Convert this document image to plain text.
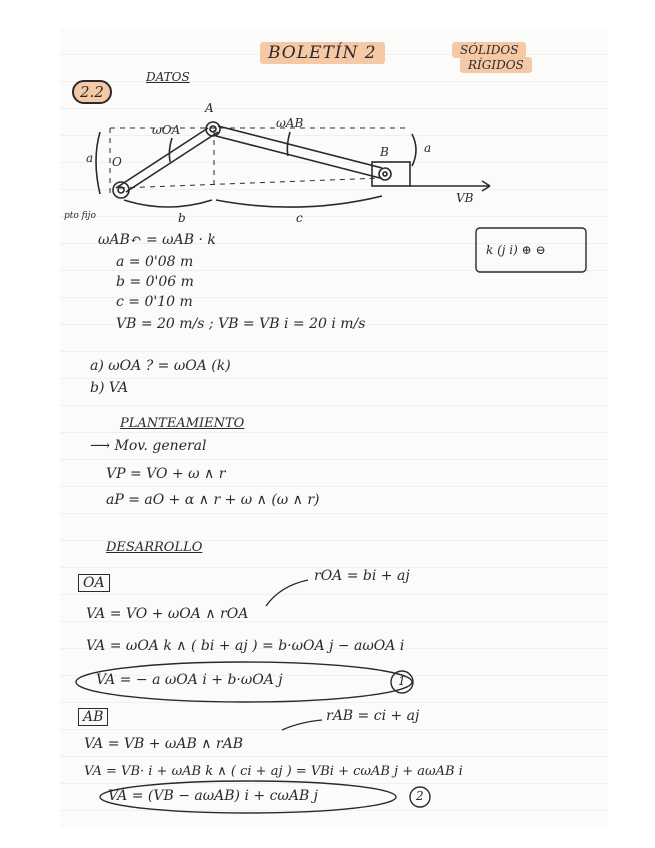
BOLETÍN 2	SÓLIDOS
RÍGIDOS
2.2
DATOS
O
A
B
ωOA	ωAB
a
a
b	c
VB
pto fijo
k (j i) ⊕ ⊖
ωAB↶ = ωAB · k
a = 0'08 m
b = 0'06 m
c = 0'10 m
VB = 20 m/s ; VB = VB i = 20 i m/s
a) ωOA ? = ωOA (k)
b) VA
PLANTEAMIENTO
⟶ Mov. general
VP = VO + ω ∧ r
aP = aO + α ∧ r + ω ∧ (ω ∧ r)
DESARROLLO
OA	rOA = bi + aj
VA = VO + ωOA ∧ rOA
VA = ωOA k ∧ ( bi + aj ) = b·ωOA j − aωOA i
VA = − a ωOA i + b·ωOA j	1
AB	rAB = ci + aj
VA = VB + ωAB ∧ rAB
VA = VB· i + ωAB k ∧ ( ci + aj ) = VBi + cωAB j + aωAB i
VA = (VB − aωAB) i + cωAB j	2
